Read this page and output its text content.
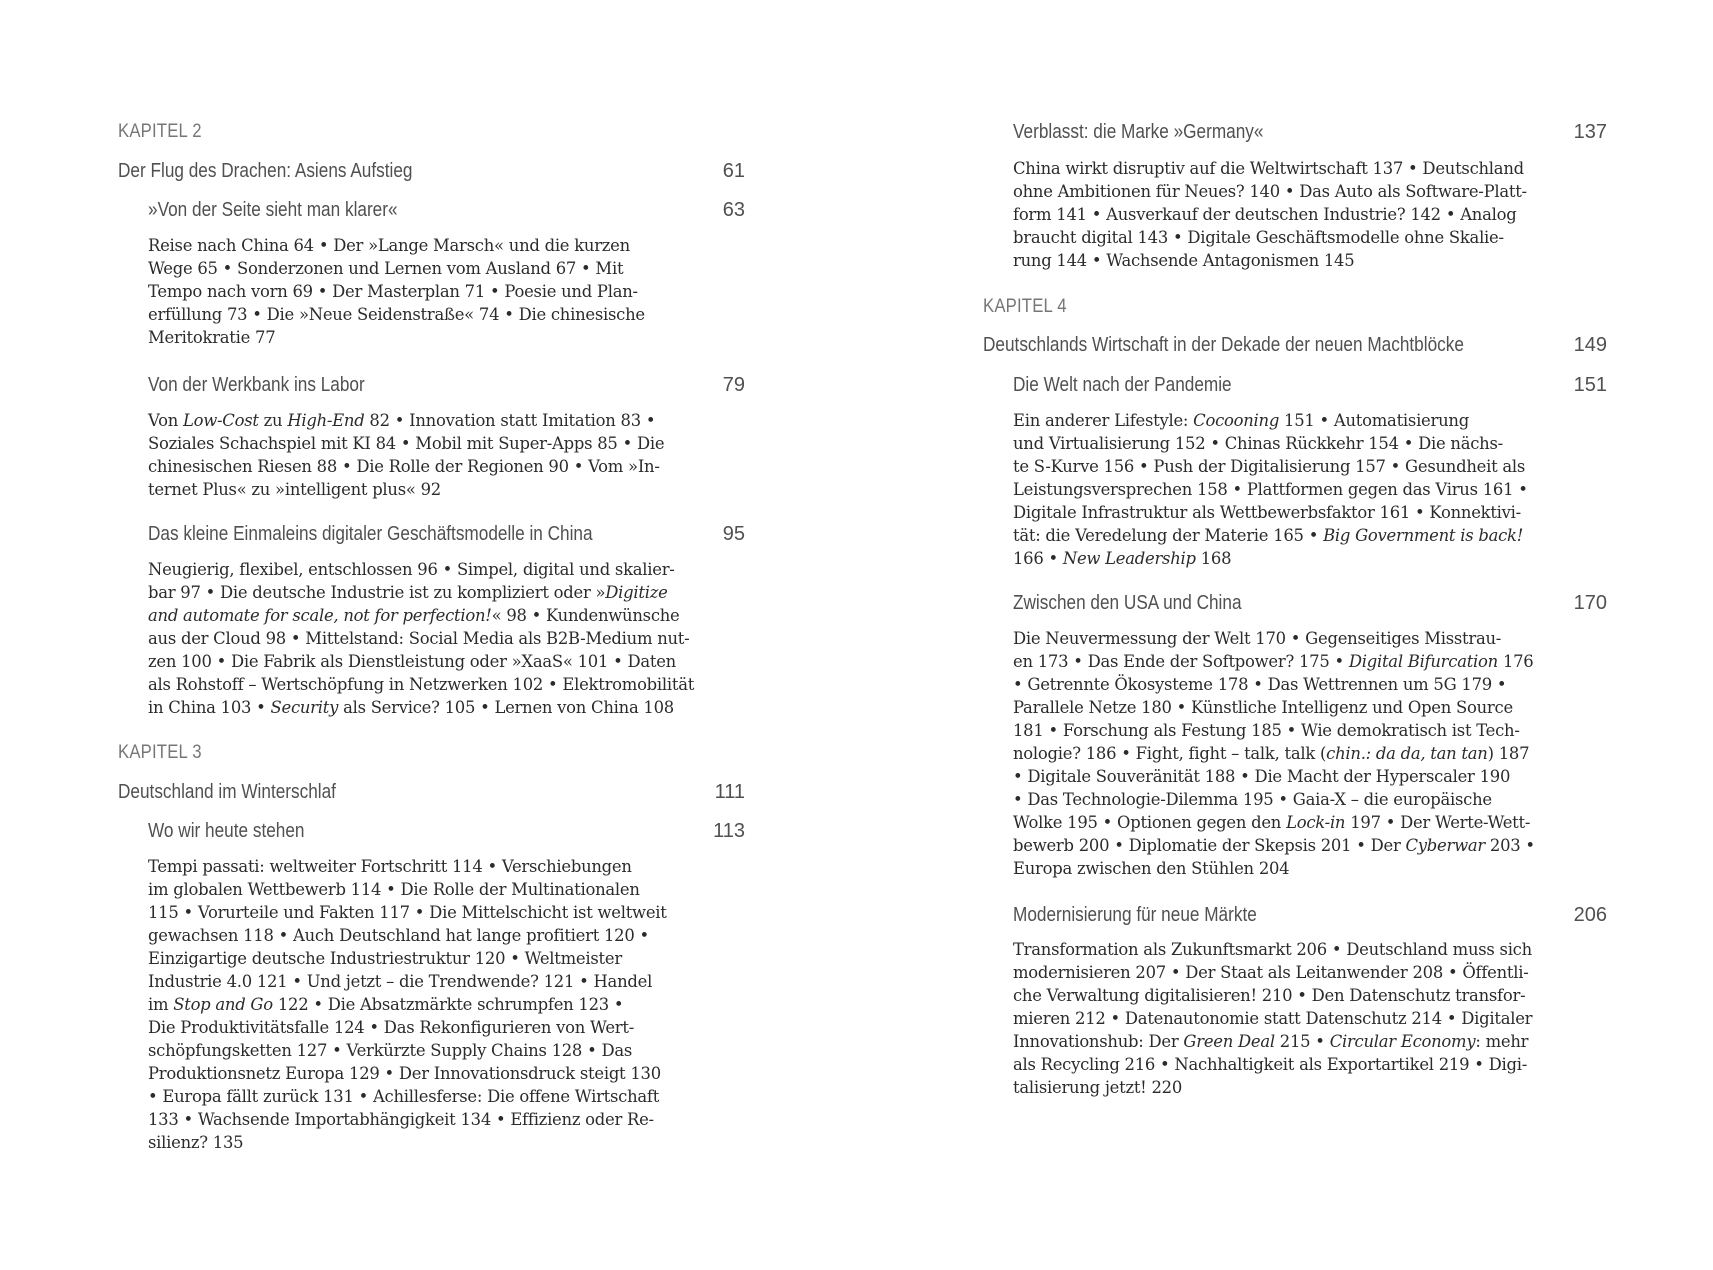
KAPITEL 2
Der Flug des Drachen: Asiens Aufstieg	61
»Von der Seite sieht man klarer«	63
Reise nach China 64 • Der »Lange Marsch« und die kurzen
Wege 65 • Sonderzonen und Lernen vom Ausland 67 • Mit
Tempo nach vorn 69 • Der Masterplan 71 • Poesie und Plan-
erfüllung 73 • Die »Neue Seidenstraße« 74 • Die chinesische
Meritokratie 77
Von der Werkbank ins Labor	79
Von Low-Cost zu High-End 82 • Innovation statt Imitation 83 •
Soziales Schachspiel mit KI 84 • Mobil mit Super-Apps 85 • Die
chinesischen Riesen 88 • Die Rolle der Regionen 90 • Vom »In-
ternet Plus« zu »intelligent plus« 92
Das kleine Einmaleins digitaler Geschäftsmodelle in China	95
Neugierig, flexibel, entschlossen 96 • Simpel, digital und skalier-
bar 97 • Die deutsche Industrie ist zu kompliziert oder »Digitize
and automate for scale, not for perfection!« 98 • Kundenwünsche
aus der Cloud 98 • Mittelstand: Social Media als B2B-Medium nut-
zen 100 • Die Fabrik als Dienstleistung oder »XaaS« 101 • Daten
als Rohstoff – Wertschöpfung in Netzwerken 102 • Elektromobilität
in China 103 • Security als Service? 105 • Lernen von China 108
KAPITEL 3
Deutschland im Winterschlaf	111
Wo wir heute stehen	113
Tempi passati: weltweiter Fortschritt 114 • Verschiebungen
im globalen Wettbewerb 114 • Die Rolle der Multinationalen
115 • Vorurteile und Fakten 117 • Die Mittelschicht ist weltweit
gewachsen 118 • Auch Deutschland hat lange profitiert 120 •
Einzigartige deutsche Industriestruktur 120 • Weltmeister
Industrie 4.0 121 • Und jetzt – die Trendwende? 121 • Handel
im Stop and Go 122 • Die Absatzmärkte schrumpfen 123 •
Die Produktivitätsfalle 124 • Das Rekonfigurieren von Wert-
schöpfungsketten 127 • Verkürzte Supply Chains 128 • Das
Produktionsnetz Europa 129 • Der Innovationsdruck steigt 130
• Europa fällt zurück 131 • Achillesferse: Die offene Wirtschaft
133 • Wachsende Importabhängigkeit 134 • Effizienz oder Re-
silienz? 135
Verblasst: die Marke »Germany«	137
China wirkt disruptiv auf die Weltwirtschaft 137 • Deutschland
ohne Ambitionen für Neues? 140 • Das Auto als Software-Platt-
form 141 • Ausverkauf der deutschen Industrie? 142 • Analog
braucht digital 143 • Digitale Geschäftsmodelle ohne Skalie-
rung 144 • Wachsende Antagonismen 145
KAPITEL 4
Deutschlands Wirtschaft in der Dekade der neuen Machtblöcke	149
Die Welt nach der Pandemie	151
Ein anderer Lifestyle: Cocooning 151 • Automatisierung
und Virtualisierung 152 • Chinas Rückkehr 154 • Die nächs-
te S-Kurve 156 • Push der Digitalisierung 157 • Gesundheit als
Leistungsversprechen 158 • Plattformen gegen das Virus 161 •
Digitale Infrastruktur als Wettbewerbsfaktor 161 • Konnektivi-
tät: die Veredelung der Materie 165 • Big Government is back!
166 • New Leadership 168
Zwischen den USA und China	170
Die Neuvermessung der Welt 170 • Gegenseitiges Misstrau-
en 173 • Das Ende der Softpower? 175 • Digital Bifurcation 176
• Getrennte Ökosysteme 178 • Das Wettrennen um 5G 179 •
Parallele Netze 180 • Künstliche Intelligenz und Open Source
181 • Forschung als Festung 185 • Wie demokratisch ist Tech-
nologie? 186 • Fight, fight – talk, talk (chin.: da da, tan tan) 187
• Digitale Souveränität 188 • Die Macht der Hyperscaler 190
• Das Technologie-Dilemma 195 • Gaia-X – die europäische
Wolke 195 • Optionen gegen den Lock-in 197 • Der Werte-Wett-
bewerb 200 • Diplomatie der Skepsis 201 • Der Cyberwar 203 •
Europa zwischen den Stühlen 204
Modernisierung für neue Märkte	206
Transformation als Zukunftsmarkt 206 • Deutschland muss sich
modernisieren 207 • Der Staat als Leitanwender 208 • Öffentli-
che Verwaltung digitalisieren! 210 • Den Datenschutz transfor-
mieren 212 • Datenautonomie statt Datenschutz 214 • Digitaler
Innovationshub: Der Green Deal 215 • Circular Economy: mehr
als Recycling 216 • Nachhaltigkeit als Exportartikel 219 • Digi-
talisierung jetzt! 220
